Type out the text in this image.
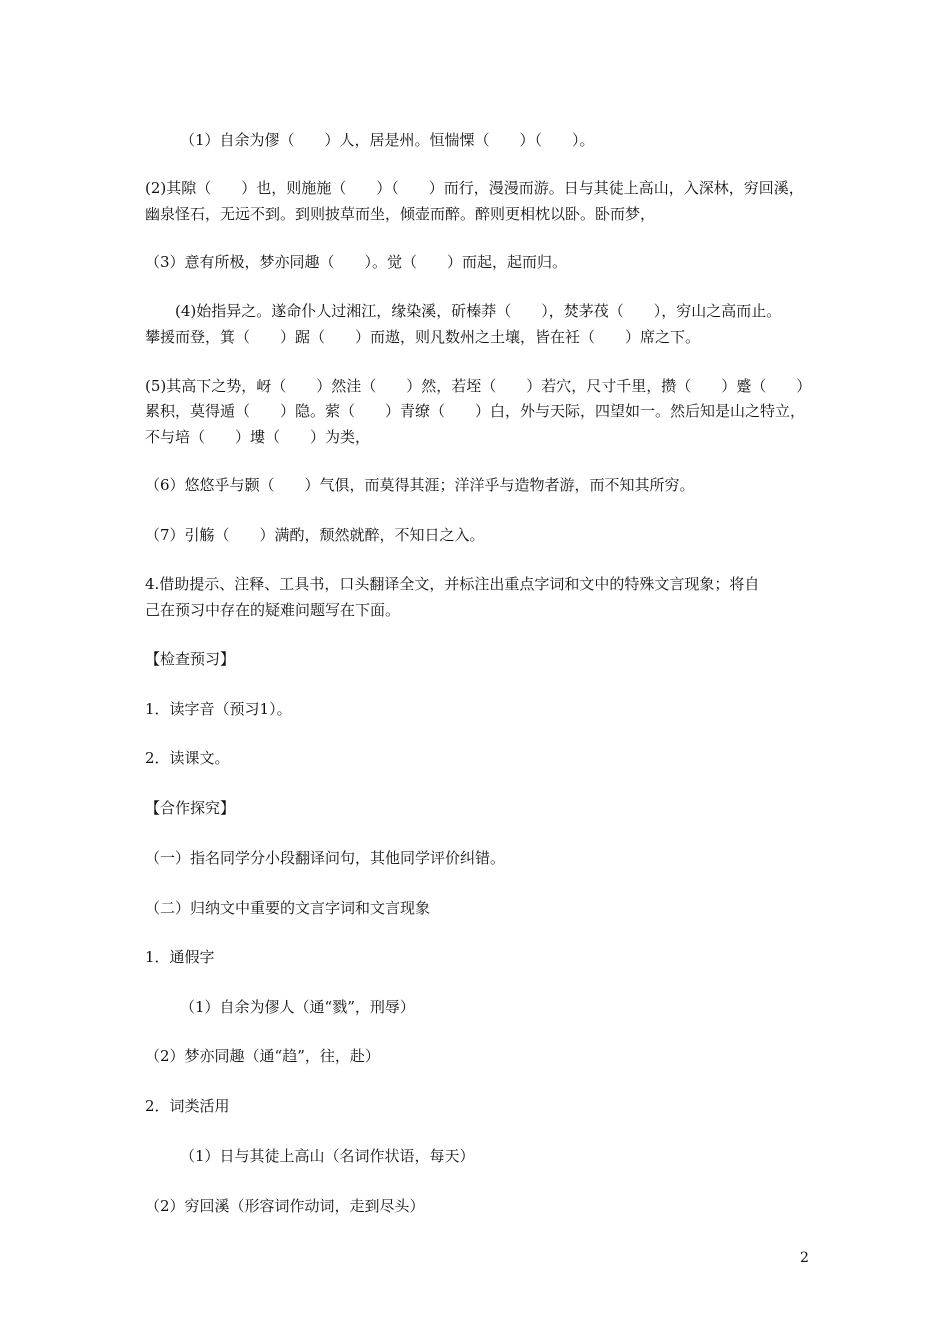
（1）自余为僇（　　）人，居是州。恒惴慄（　　）（　　）。
(2)其隙（　　）也，则施施（　　）（　　）而行，漫漫而游。日与其徒上高山，入深林，穷回溪，
幽泉怪石，无远不到。到则披草而坐，倾壶而醉。醉则更相枕以卧。卧而梦，
（3）意有所极，梦亦同趣（　　）。觉（　　）而起，起而归。
(4)始指异之。遂命仆人过湘江，缘染溪，斫榛莽（　　），焚茅茷（　　），穷山之高而止。
攀援而登，箕（　　）踞（　　）而遨，则凡数州之土壤，皆在衽（　　）席之下。
(5)其高下之势，岈（　　）然洼（　　）然，若垤（　　）若穴，尺寸千里，攒（　　）蹙（　　）
累积，莫得遁（　　）隐。萦（　　）青缭（　　）白，外与天际，四望如一。然后知是山之特立，
不与培（　　）塿（　　）为类，
（6）悠悠乎与颢（　　）气俱，而莫得其涯；洋洋乎与造物者游，而不知其所穷。
（7）引觞（　　）满酌，颓然就醉，不知日之入。
4.借助提示、注释、工具书，口头翻译全文，并标注出重点字词和文中的特殊文言现象；将自
己在预习中存在的疑难问题写在下面。
【检查预习】
1．读字音（预习1）。
2．读课文。
【合作探究】
（一）指名同学分小段翻译问句，其他同学评价纠错。
（二）归纳文中重要的文言字词和文言现象
1．通假字
（1）自余为僇人（通“戮”，刑辱）
（2）梦亦同趣（通“趋”，往，赴）
2．词类活用
（1）日与其徒上高山（名词作状语，每天）
（2）穷回溪（形容词作动词，走到尽头）
2
